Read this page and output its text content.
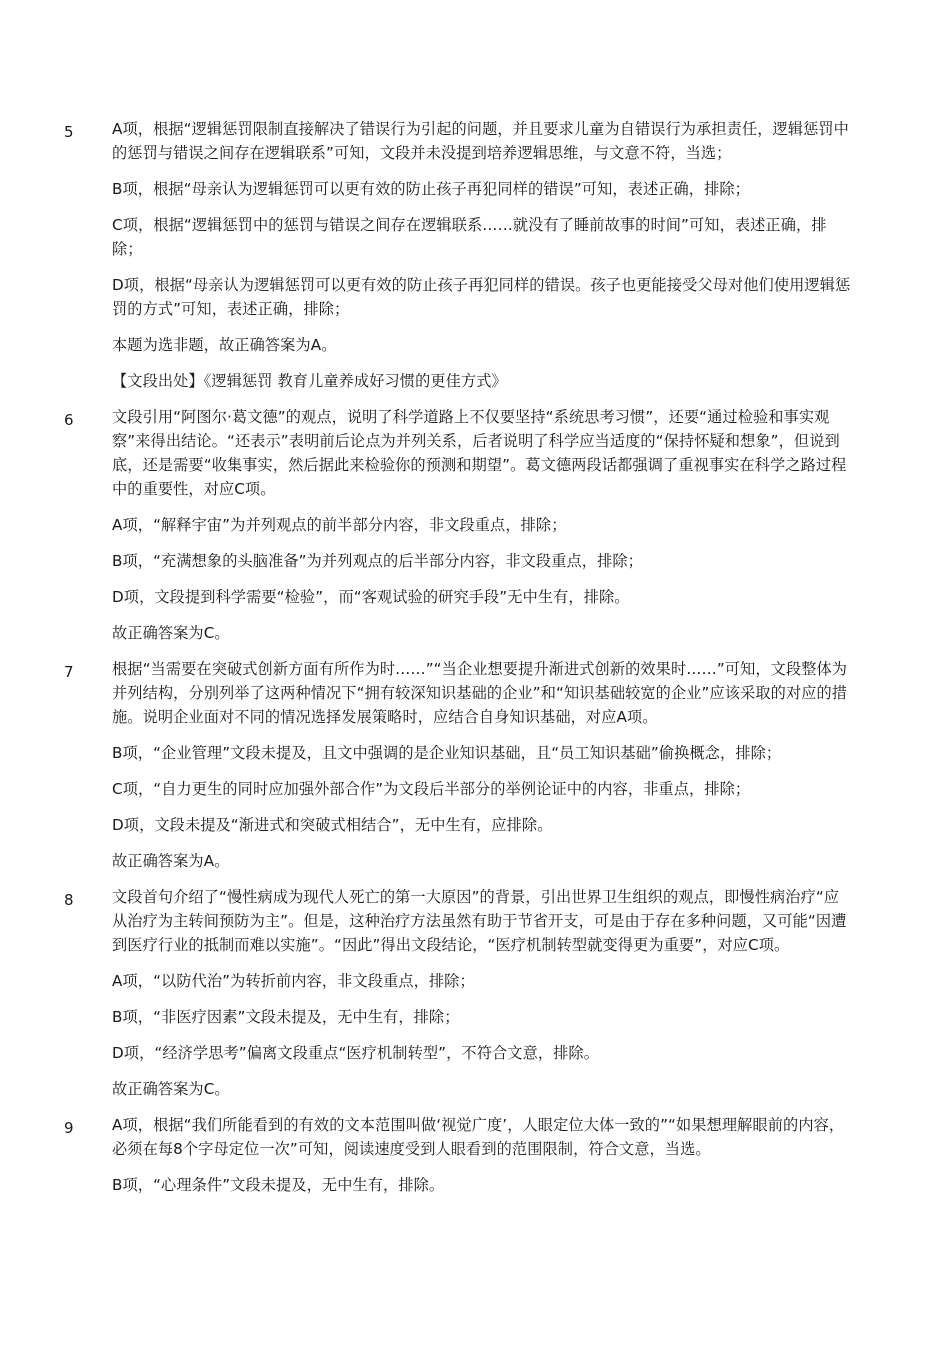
5	A项，根据“逻辑惩罚限制直接解决了错误行为引起的问题，并且要求儿童为自错误行为承担责任，逻辑惩罚中的惩罚与错误之间存在逻辑联系”可知，文段并未没提到培养逻辑思维，与文意不符，当选；

B项，根据“母亲认为逻辑惩罚可以更有效的防止孩子再犯同样的错误”可知，表述正确，排除；

C项，根据“逻辑惩罚中的惩罚与错误之间存在逻辑联系……就没有了睡前故事的时间”可知，表述正确，排除；

D项，根据“母亲认为逻辑惩罚可以更有效的防止孩子再犯同样的错误。孩子也更能接受父母对他们使用逻辑惩罚的方式”可知，表述正确，排除；

本题为选非题，故正确答案为A。

【文段出处】《逻辑惩罚 教育儿童养成好习惯的更佳方式》

6	文段引用“阿图尔·葛文德”的观点，说明了科学道路上不仅要坚持“系统思考习惯”，还要“通过检验和事实观察”来得出结论。“还表示”表明前后论点为并列关系，后者说明了科学应当适度的“保持怀疑和想象”，但说到底，还是需要“收集事实，然后据此来检验你的预测和期望”。葛文德两段话都强调了重视事实在科学之路过程中的重要性，对应C项。

A项，“解释宇宙”为并列观点的前半部分内容，非文段重点，排除；

B项，“充满想象的头脑准备”为并列观点的后半部分内容，非文段重点，排除；

D项，文段提到科学需要“检验”，而“客观试验的研究手段”无中生有，排除。

故正确答案为C。

7	根据“当需要在突破式创新方面有所作为时……”“当企业想要提升渐进式创新的效果时……”可知，文段整体为并列结构，分别列举了这两种情况下“拥有较深知识基础的企业”和“知识基础较宽的企业”应该采取的对应的措施。说明企业面对不同的情况选择发展策略时，应结合自身知识基础，对应A项。

B项，“企业管理”文段未提及，且文中强调的是企业知识基础，且“员工知识基础”偷换概念，排除；

C项，“自力更生的同时应加强外部合作”为文段后半部分的举例论证中的内容，非重点，排除；

D项，文段未提及“渐进式和突破式相结合”，无中生有，应排除。

故正确答案为A。

8	文段首句介绍了“慢性病成为现代人死亡的第一大原因”的背景，引出世界卫生组织的观点，即慢性病治疗“应从治疗为主转间预防为主”。但是，这种治疗方法虽然有助于节省开支，可是由于存在多种问题，又可能“因遭到医疗行业的抵制而难以实施”。“因此”得出文段结论，“医疗机制转型就变得更为重要”，对应C项。

A项，“以防代治”为转折前内容，非文段重点，排除；

B项，“非医疗因素”文段未提及，无中生有，排除；

D项，“经济学思考”偏离文段重点“医疗机制转型”，不符合文意，排除。

故正确答案为C。

9	A项，根据“我们所能看到的有效的文本范围叫做‘视觉广度’，人眼定位大体一致的”“如果想理解眼前的内容，必须在每8个字母定位一次”可知，阅读速度受到人眼看到的范围限制，符合文意，当选。

B项，“心理条件”文段未提及，无中生有，排除。
